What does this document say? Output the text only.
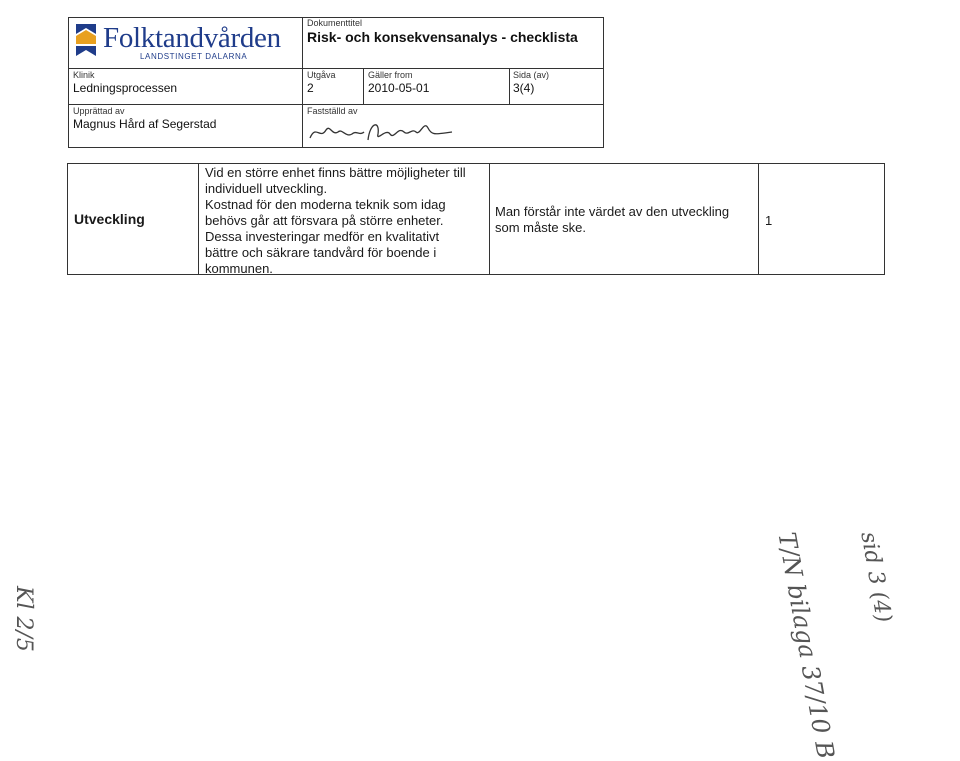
Folktandvården
LANDSTINGET DALARNA
Dokumenttitel
Risk- och konsekvensanalys - checklista
Klinik
Ledningsprocessen
Utgåva
2
Gäller from
2010-05-01
Sida (av)
3(4)
Upprättad av
Magnus Hård af Segerstad
Fastställd av
Utveckling
Vid en större enhet finns bättre möjligheter till
individuell utveckling.
Kostnad för den moderna teknik som idag
behövs går att försvara på större enheter.
Dessa investeringar medför en kvalitativt
bättre och säkrare tandvård för boende i
kommunen.
Man förstår inte värdet av den utveckling
som måste ske.	1
T/N bilaga 37/10 B sid 3 (4)
Kl 2/5
